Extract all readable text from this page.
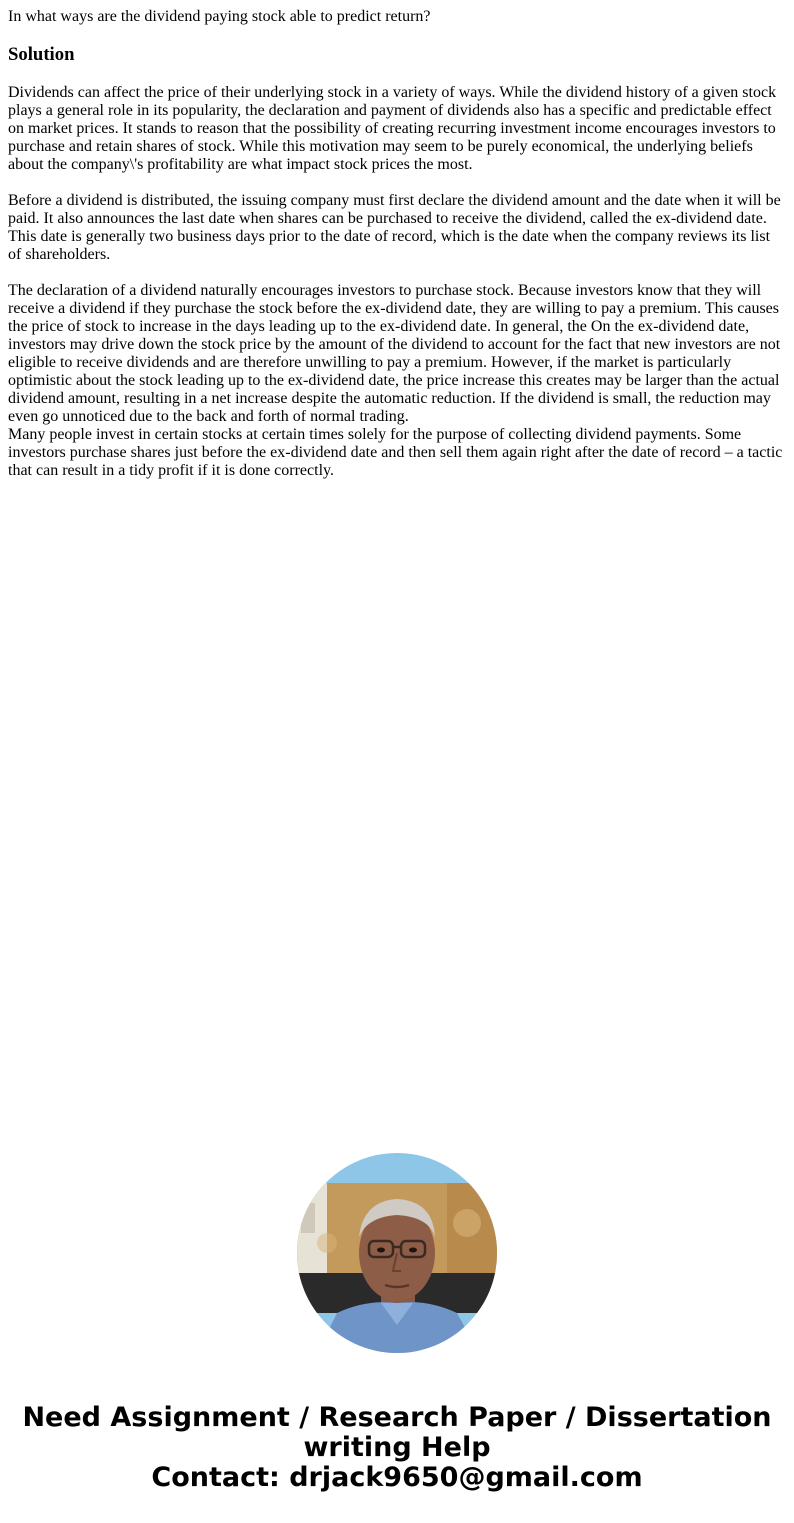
In what ways are the dividend paying stock able to predict return?
Solution

Dividends can affect the price of their underlying stock in a variety of ways. While the dividend history of a given stock plays a general role in its popularity, the declaration and payment of dividends also has a specific and predictable effect on market prices. It stands to reason that the possibility of creating recurring investment income encourages investors to purchase and retain shares of stock. While this motivation may seem to be purely economical, the underlying beliefs about the company\'s profitability are what impact stock prices the most.

Before a dividend is distributed, the issuing company must first declare the dividend amount and the date when it will be paid. It also announces the last date when shares can be purchased to receive the dividend, called the ex-dividend date. This date is generally two business days prior to the date of record, which is the date when the company reviews its list of shareholders.

The declaration of a dividend naturally encourages investors to purchase stock. Because investors know that they will receive a dividend if they purchase the stock before the ex-dividend date, they are willing to pay a premium. This causes the price of stock to increase in the days leading up to the ex-dividend date. In general, the On the ex-dividend date, investors may drive down the stock price by the amount of the dividend to account for the fact that new investors are not eligible to receive dividends and are therefore unwilling to pay a premium. However, if the market is particularly optimistic about the stock leading up to the ex-dividend date, the price increase this creates may be larger than the actual dividend amount, resulting in a net increase despite the automatic reduction. If the dividend is small, the reduction may even go unnoticed due to the back and forth of normal trading.

Many people invest in certain stocks at certain times solely for the purpose of collecting dividend payments. Some investors purchase shares just before the ex-dividend date and then sell them again right after the date of record – a tactic that can result in a tidy profit if it is done correctly.

Need Assignment / Research Paper / Dissertation
writing Help
Contact: drjack9650@gmail.com
